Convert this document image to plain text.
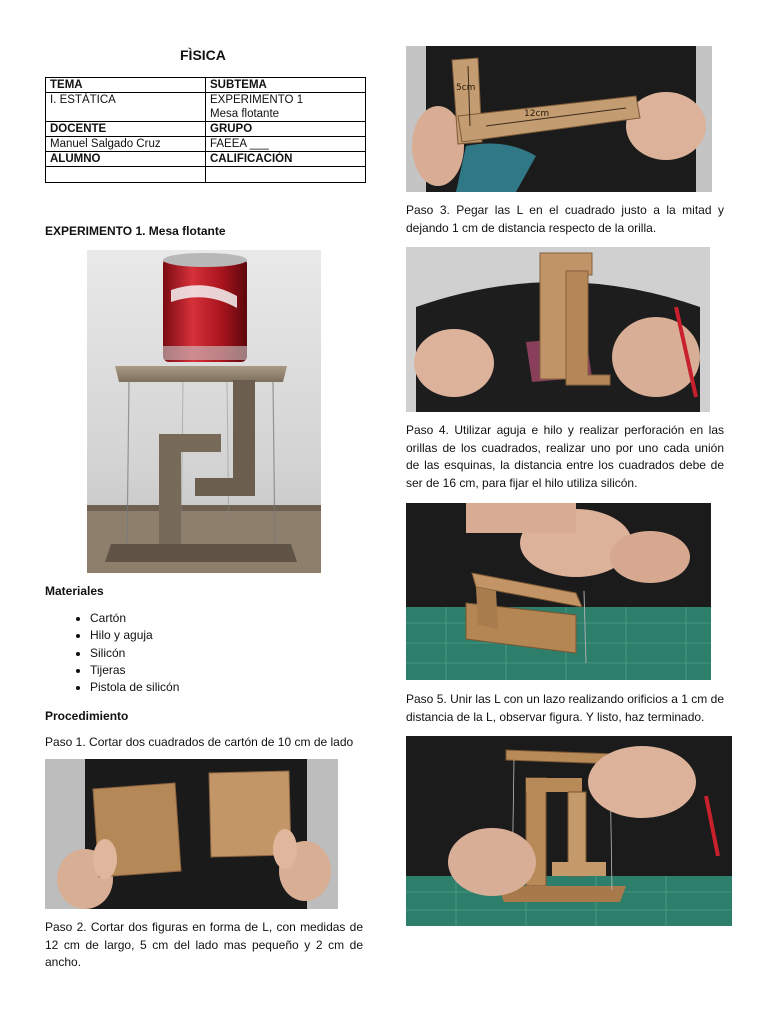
FÌSICA
TEMA	SUBTEMA
I. ESTÁTICA	EXPERIMENTO 1
	Mesa flotante
DOCENTE	GRUPO
Manuel Salgado Cruz	FAEEA ___
ALUMNO	CALIFICACIÓN

EXPERIMENTO 1. Mesa flotante
Materiales
• Cartón
• Hilo y aguja
• Silicón
• Tijeras
• Pistola de silicón
Procedimiento
Paso 1. Cortar dos cuadrados de cartón de 10 cm de lado
Paso 2. Cortar dos figuras en forma de L, con medidas de 12 cm de largo, 5 cm del lado mas pequeño y 2 cm de ancho.
5cm
12cm
Paso 3. Pegar las L en el cuadrado justo a la mitad y dejando 1 cm de distancia respecto de la orilla.
Paso 4. Utilizar aguja e hilo y realizar perforación en las orillas de los cuadrados, realizar uno por uno cada unión de las esquinas, la distancia entre los cuadrados debe de ser de 16 cm, para fijar el hilo utiliza silicón.
Paso 5. Unir las L con un lazo realizando orificios a 1 cm de distancia de la L, observar figura. Y listo, haz terminado.
